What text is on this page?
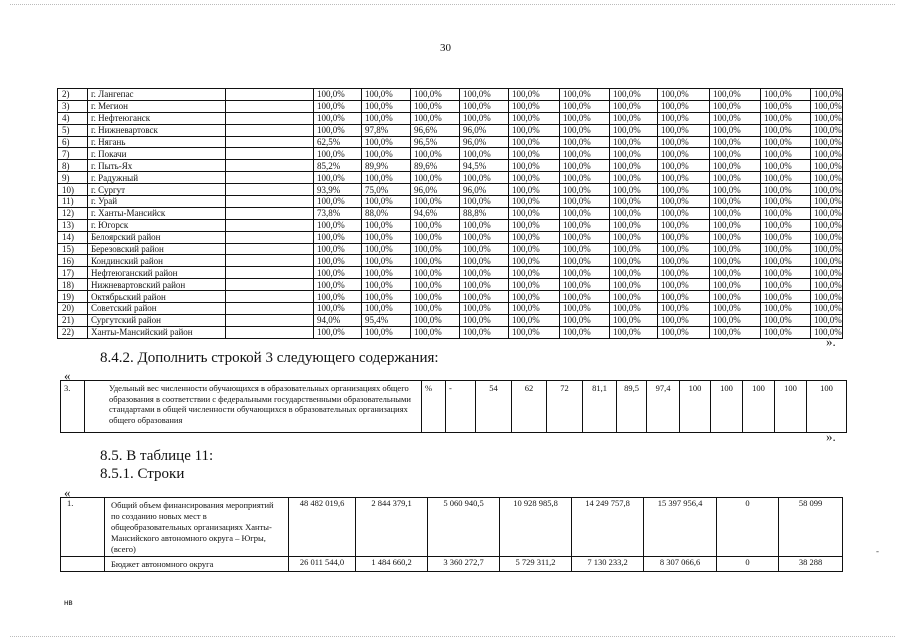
30
2)	г. Лангепас		100,0%	100,0%	100,0%	100,0%	100,0%	100,0%	100,0%	100,0%	100,0%	100,0%	100,0%
3)	г. Мегион		100,0%	100,0%	100,0%	100,0%	100,0%	100,0%	100,0%	100,0%	100,0%	100,0%	100,0%
4)	г. Нефтеюганск		100,0%	100,0%	100,0%	100,0%	100,0%	100,0%	100,0%	100,0%	100,0%	100,0%	100,0%
5)	г. Нижневартовск		100,0%	97,8%	96,6%	96,0%	100,0%	100,0%	100,0%	100,0%	100,0%	100,0%	100,0%
6)	г. Нягань		62,5%	100,0%	96,5%	96,0%	100,0%	100,0%	100,0%	100,0%	100,0%	100,0%	100,0%
7)	г. Покачи		100,0%	100,0%	100,0%	100,0%	100,0%	100,0%	100,0%	100,0%	100,0%	100,0%	100,0%
8)	г. Пыть-Ях		85,2%	89,9%	89,6%	94,5%	100,0%	100,0%	100,0%	100,0%	100,0%	100,0%	100,0%
9)	г. Радужный		100,0%	100,0%	100,0%	100,0%	100,0%	100,0%	100,0%	100,0%	100,0%	100,0%	100,0%
10)	г. Сургут		93,9%	75,0%	96,0%	96,0%	100,0%	100,0%	100,0%	100,0%	100,0%	100,0%	100,0%
11)	г. Урай		100,0%	100,0%	100,0%	100,0%	100,0%	100,0%	100,0%	100,0%	100,0%	100,0%	100,0%
12)	г. Ханты-Мансийск		73,8%	88,0%	94,6%	88,8%	100,0%	100,0%	100,0%	100,0%	100,0%	100,0%	100,0%
13)	г. Югорск		100,0%	100,0%	100,0%	100,0%	100,0%	100,0%	100,0%	100,0%	100,0%	100,0%	100,0%
14)	Белоярский район		100,0%	100,0%	100,0%	100,0%	100,0%	100,0%	100,0%	100,0%	100,0%	100,0%	100,0%
15)	Березовский район		100,0%	100,0%	100,0%	100,0%	100,0%	100,0%	100,0%	100,0%	100,0%	100,0%	100,0%
16)	Кондинский район		100,0%	100,0%	100,0%	100,0%	100,0%	100,0%	100,0%	100,0%	100,0%	100,0%	100,0%
17)	Нефтеюганский район		100,0%	100,0%	100,0%	100,0%	100,0%	100,0%	100,0%	100,0%	100,0%	100,0%	100,0%
18)	Нижневартовский район		100,0%	100,0%	100,0%	100,0%	100,0%	100,0%	100,0%	100,0%	100,0%	100,0%	100,0%
19)	Октябрьский район		100,0%	100,0%	100,0%	100,0%	100,0%	100,0%	100,0%	100,0%	100,0%	100,0%	100,0%
20)	Советский район		100,0%	100,0%	100,0%	100,0%	100,0%	100,0%	100,0%	100,0%	100,0%	100,0%	100,0%
21)	Сургутский район		94,0%	95,4%	100,0%	100,0%	100,0%	100,0%	100,0%	100,0%	100,0%	100,0%	100,0%
22)	Ханты-Мансийский район		100,0%	100,0%	100,0%	100,0%	100,0%	100,0%	100,0%	100,0%	100,0%	100,0%	100,0%
».
8.4.2. Дополнить строкой 3 следующего содержания:
«
3.	Удельный вес численности обучающихся в образовательных организациях общего образования в соответствии с федеральными государственными образовательными стандартами в общей численности обучающихся в образовательных организациях общего образования	%	-	54	62	72	81,1	89,5	97,4	100	100	100	100	100
».
8.5. В таблице 11:
8.5.1. Строки
«
1.	Общий объем финансирования мероприятий по созданию новых мест в общеобразовательных организациях Ханты-Мансийского автономного округа – Югры, (всего)	48 482 019,6	2 844 379,1	5 060 940,5	10 928 985,8	14 249 757,8	15 397 956,4	0	58 099
	Бюджет автономного округа	26 011 544,0	1 484 660,2	3 360 272,7	5 729 311,2	7 130 233,2	8 307 066,6	0	38 288
нв
-
